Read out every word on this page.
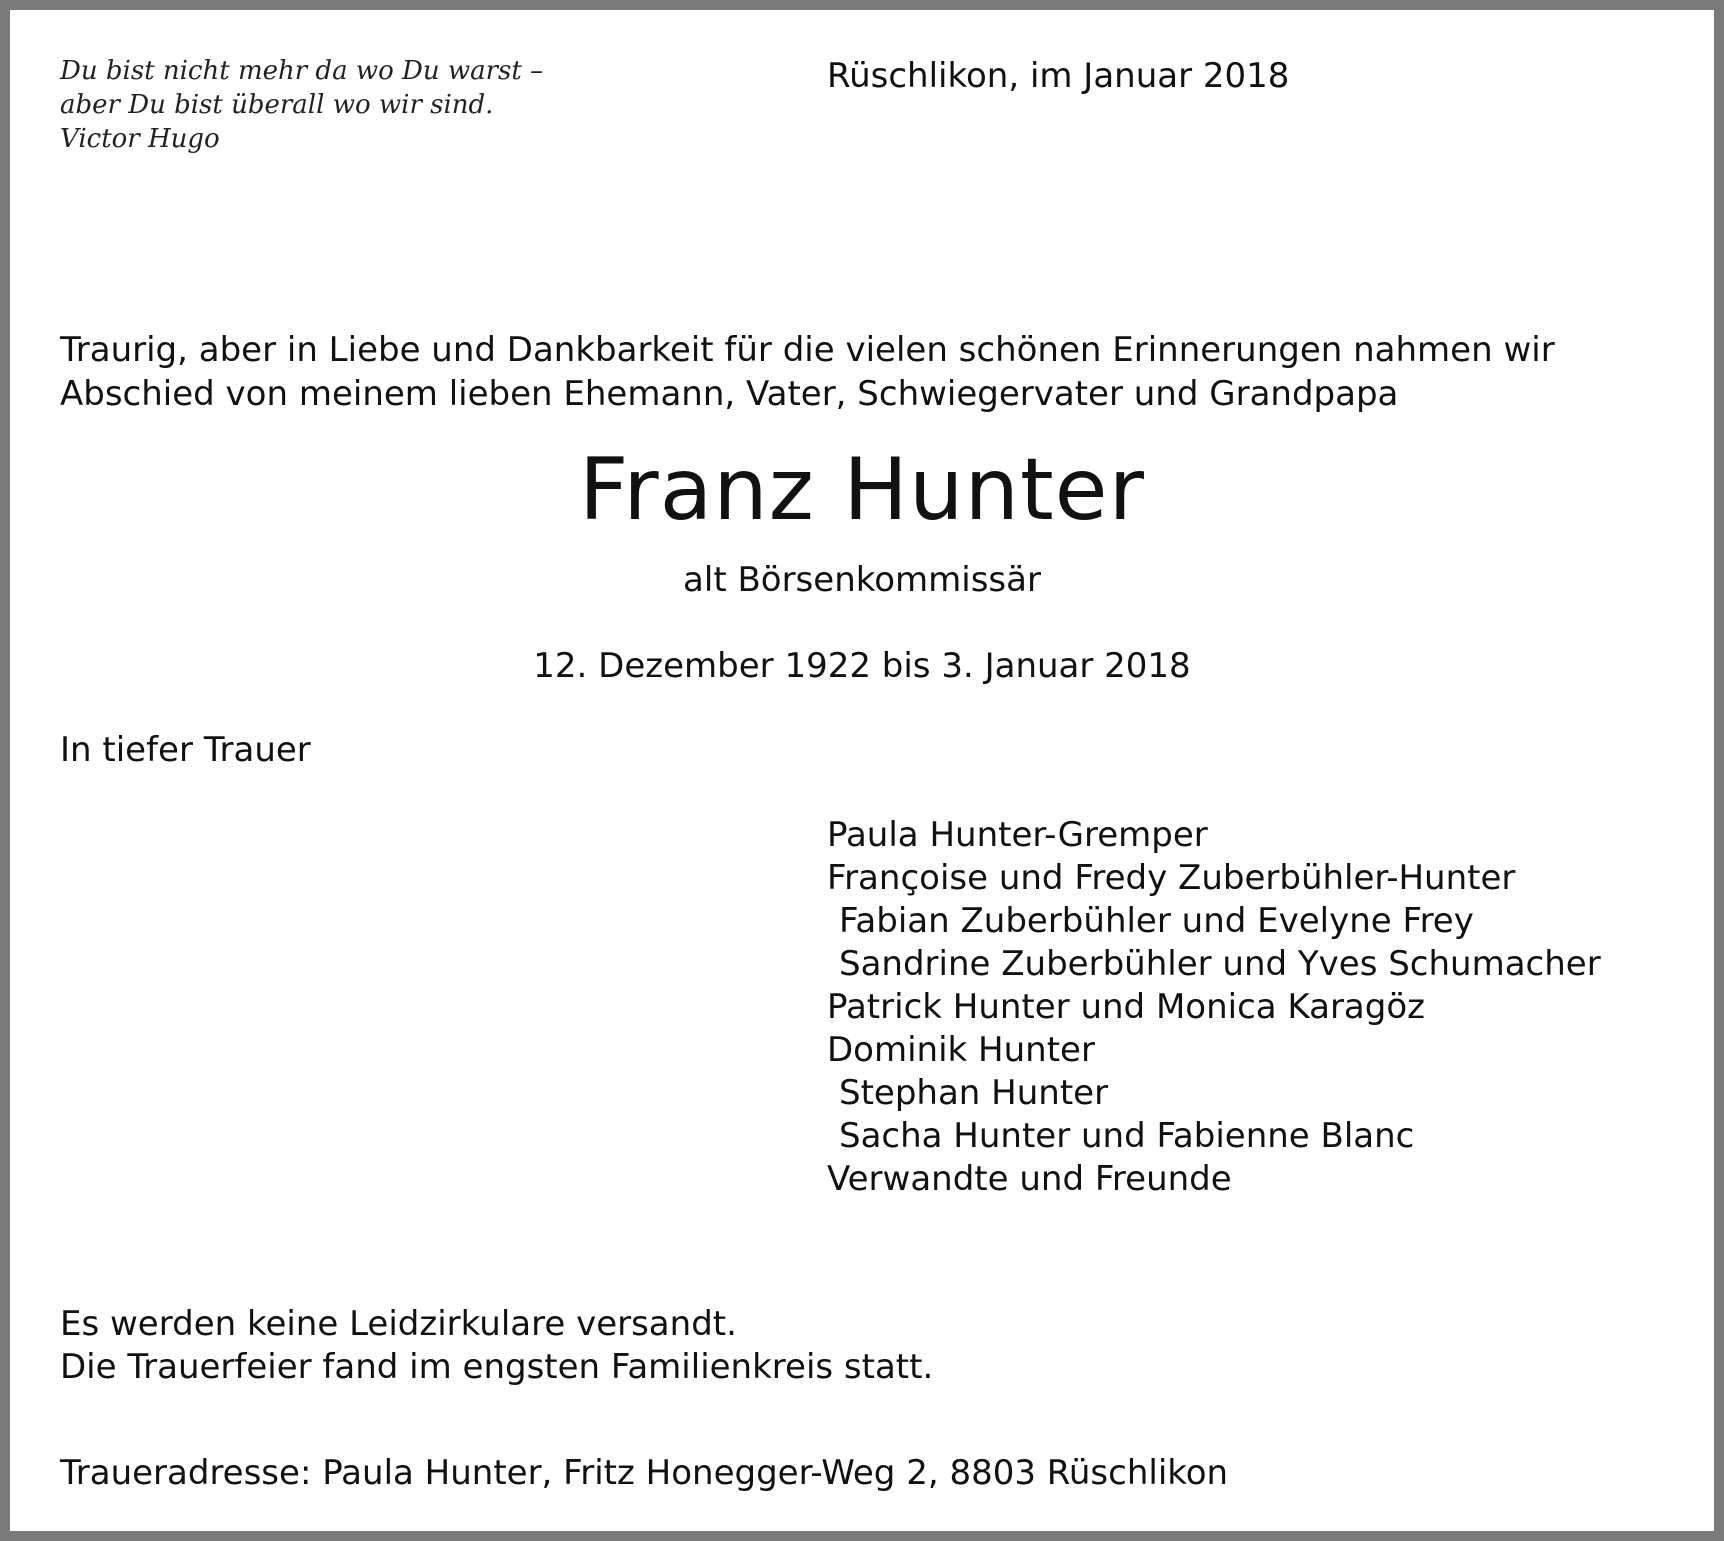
Du bist nicht mehr da wo Du warst –
aber Du bist überall wo wir sind.
Victor Hugo
Rüschlikon, im Januar 2018
Traurig, aber in Liebe und Dankbarkeit für die vielen schönen Erinnerungen nahmen wir
Abschied von meinem lieben Ehemann, Vater, Schwiegervater und Grandpapa
Franz Hunter
alt Börsenkommissär
12. Dezember 1922 bis 3. Januar 2018
In tiefer Trauer
Paula Hunter-Gremper
Françoise und Fredy Zuberbühler-Hunter
Fabian Zuberbühler und Evelyne Frey
Sandrine Zuberbühler und Yves Schumacher
Patrick Hunter und Monica Karagöz
Dominik Hunter
Stephan Hunter
Sacha Hunter und Fabienne Blanc
Verwandte und Freunde
Es werden keine Leidzirkulare versandt.
Die Trauerfeier fand im engsten Familienkreis statt.
Traueradresse: Paula Hunter, Fritz Honegger-Weg 2, 8803 Rüschlikon
